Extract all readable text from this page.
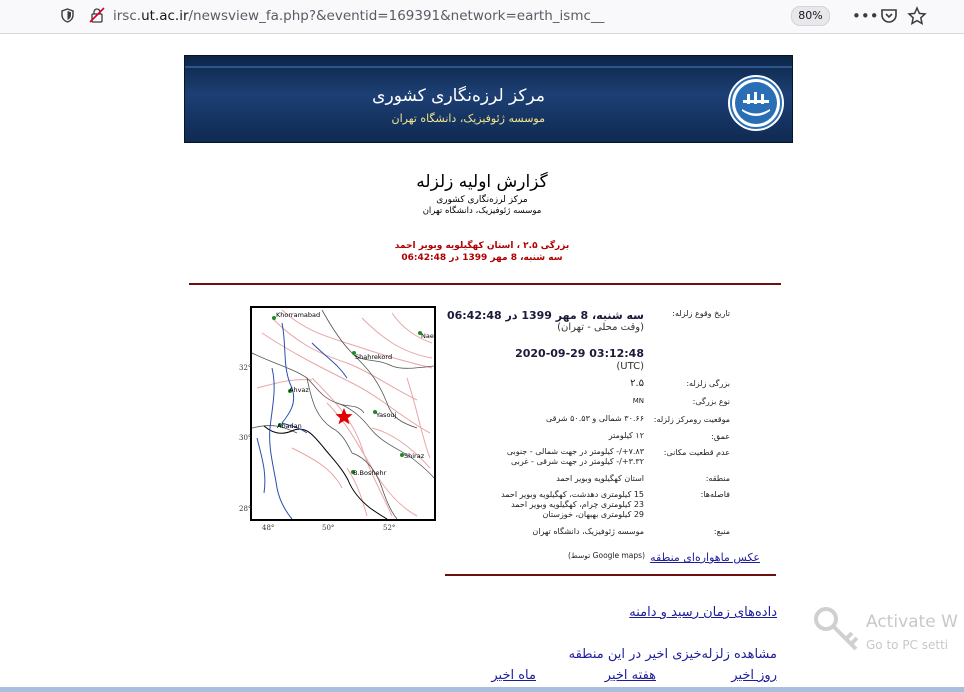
irsc.ut.ac.ir/newsview_fa.php?&eventid=169391&network=earth_ismc__	80%	•••
مرکز لرزه‌نگاری کشوری
موسسه ژئوفیزیک، دانشگاه تهران
گزارش اولیه زلزله
مرکز لرزه‌نگاری کشوری
موسسه ژئوفیزیک، دانشگاه تهران
بزرگی ۲.۵ ، استان کهگیلویه وبویر احمد
سه شنبه، 8 مهر 1399 در 06:42:48
Khorramabad
Shahrekord
Ahvaz
Abadan
Yasouj
Shiraz
B.Boshehr
Nae
32°
30°
28°
48°	50°	52°
تاریخ وقوع زلزله:
سه شنبه، 8 مهر 1399 در 06:42:48
(وقت محلی - تهران)
2020-09-29 03:12:48
(UTC)
بزرگی زلزله:
۲.۵
نوع بزرگی:
MN
موقعیت رومرکز زلزله:
۳۰.۶۶ شمالی و ۵۰.۵۳ شرقی
عمق:
۱۲ کیلومتر
عدم قطعیت مکانی:
۷.۸۳+/- کیلومتر در جهت شمالی - جنوبی
۳.۳۲+/- کیلومتر در جهت شرقی - غربی
منطقه:
استان کهگیلویه وبویر احمد
فاصله‌ها:
15 کیلومتری دهدشت، کهگیلویه وبویر احمد
23 کیلومتری چرام، کهگیلویه وبویر احمد
29 کیلومتری بهبهان، خوزستان
منبع:
موسسه ژئوفیزیک، دانشگاه تهران
عکس ماهواره‌ای منطقه
(توسط Google maps)
داده‌های زمان رسید و دامنه
مشاهده زلزله‌خیزی اخیر در این منطقه
روز اخیر
هفته اخیر
ماه اخیر
Activate W
Go to PC setti
